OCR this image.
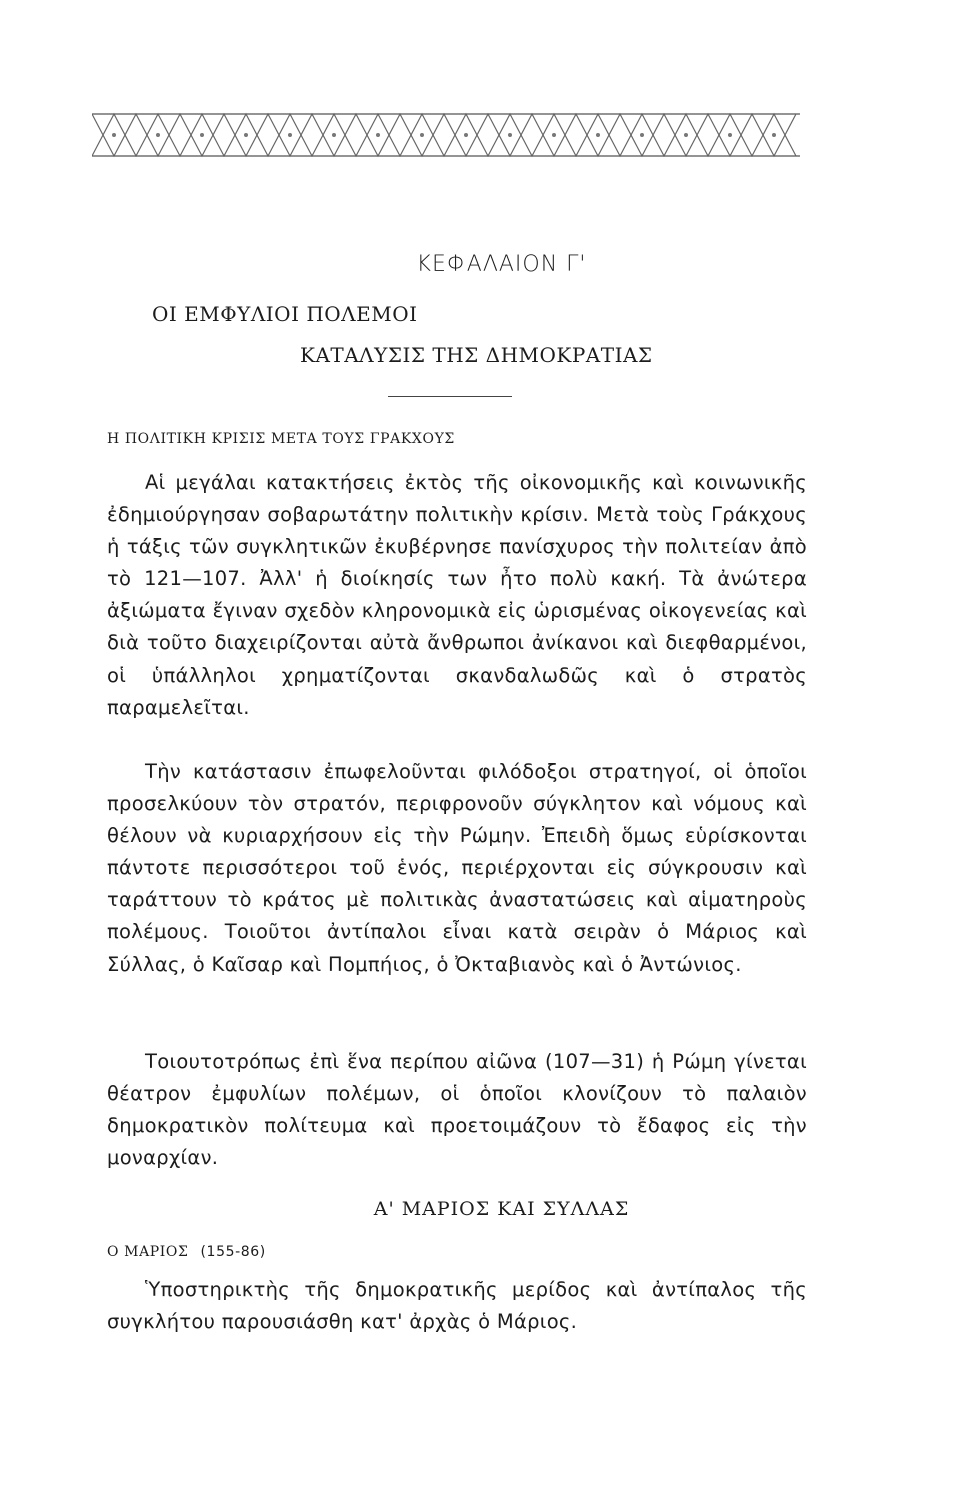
ΚΕΦΑΛΑΙΟΝ Γ'
ΟΙ ΕΜΦΥΛΙΟΙ ΠΟΛΕΜΟΙ
ΚΑΤΑΛΥΣΙΣ ΤΗΣ ΔΗΜΟΚΡΑΤΙΑΣ
Η ΠΟΛΙΤΙΚΗ ΚΡΙΣΙΣ ΜΕΤΑ ΤΟΥΣ ΓΡΑΚΧΟΥΣ

Αἱ μεγάλαι κατακτήσεις ἐκτὸς τῆς οἰκονομικῆς καὶ κοινωνικῆς ἐδημιούργησαν σοβαρωτάτην πολιτικὴν κρίσιν. Μετὰ τοὺς Γράκχους ἡ τάξις τῶν συγκλητικῶν ἐκυβέρνησε πανίσχυρος τὴν πολιτείαν ἀπὸ τὸ 121—107. Ἀλλ' ἡ διοίκησίς των ἦτο πολὺ κακή. Τὰ ἀνώτερα ἀξιώματα ἔγιναν σχεδὸν κληρονομικὰ εἰς ὡρισμένας οἰκογενείας καὶ διὰ τοῦτο διαχειρίζονται αὐτὰ ἄνθρωποι ἀνίκανοι καὶ διεφθαρμένοι, οἱ ὑπάλληλοι χρηματίζονται σκανδαλωδῶς καὶ ὁ στρατὸς παραμελεῖται.

Τὴν κατάστασιν ἐπωφελοῦνται φιλόδοξοι στρατηγοί, οἱ ὁποῖοι προσελκύουν τὸν στρατόν, περιφρονοῦν σύγκλητον καὶ νόμους καὶ θέλουν νὰ κυριαρχήσουν εἰς τὴν Ρώμην. Ἐπειδὴ ὅμως εὑρίσκονται πάντοτε περισσότεροι τοῦ ἑνός, περιέρχονται εἰς σύγκρουσιν καὶ ταράττουν τὸ κράτος μὲ πολιτικὰς ἀναστατώσεις καὶ αἱματηροὺς πολέμους. Τοιοῦτοι ἀντίπαλοι εἶναι κατὰ σειρὰν ὁ Μάριος καὶ Σύλλας, ὁ Καῖσαρ καὶ Πομπήιος, ὁ Ὀκταβιανὸς καὶ ὁ Ἀντώνιος.

Τοιουτοτρόπως ἐπὶ ἕνα περίπου αἰῶνα (107—31) ἡ Ρώμη γίνεται θέατρον ἐμφυλίων πολέμων, οἱ ὁποῖοι κλονίζουν τὸ παλαιὸν δημοκρατικὸν πολίτευμα καὶ προετοιμάζουν τὸ ἔδαφος εἰς τὴν μοναρχίαν.

Α' ΜΑΡΙΟΣ ΚΑΙ ΣΥΛΛΑΣ
Ο ΜΑΡΙΟΣ (155-86)

Ὑποστηρικτὴς τῆς δημοκρατικῆς μερίδος καὶ ἀντίπαλος τῆς συγκλήτου παρουσιάσθη κατ' ἀρχὰς ὁ Μάριος.
